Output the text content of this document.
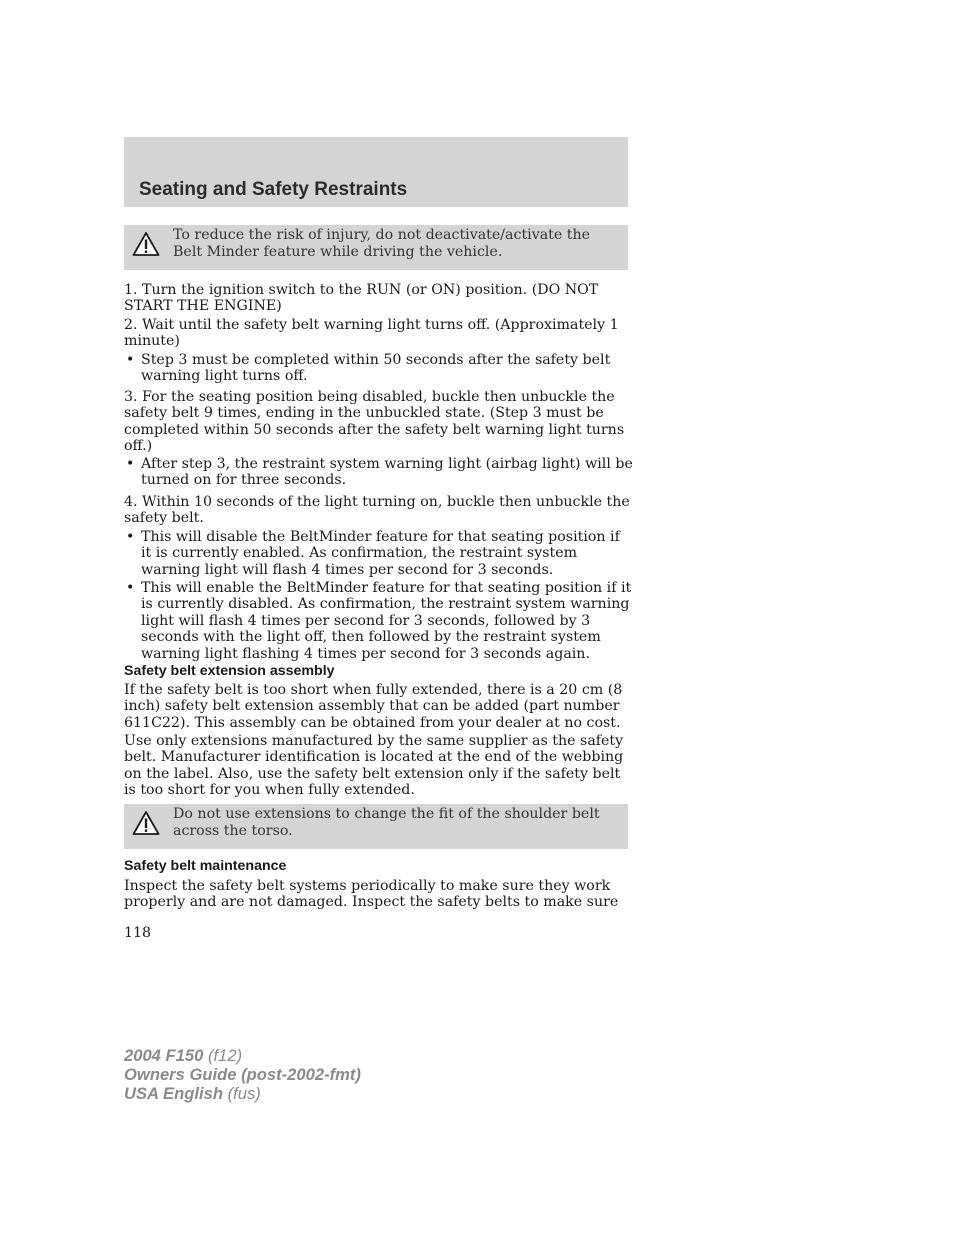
Seating and Safety Restraints
To reduce the risk of injury, do not deactivate/activate the Belt Minder feature while driving the vehicle.

1. Turn the ignition switch to the RUN (or ON) position. (DO NOT START THE ENGINE)

2. Wait until the safety belt warning light turns off. (Approximately 1 minute)

• Step 3 must be completed within 50 seconds after the safety belt warning light turns off.

3. For the seating position being disabled, buckle then unbuckle the safety belt 9 times, ending in the unbuckled state. (Step 3 must be completed within 50 seconds after the safety belt warning light turns off.)

• After step 3, the restraint system warning light (airbag light) will be turned on for three seconds.

4. Within 10 seconds of the light turning on, buckle then unbuckle the safety belt.

• This will disable the BeltMinder feature for that seating position if it is currently enabled. As confirmation, the restraint system warning light will flash 4 times per second for 3 seconds.
• This will enable the BeltMinder feature for that seating position if it is currently disabled. As confirmation, the restraint system warning light will flash 4 times per second for 3 seconds, followed by 3 seconds with the light off, then followed by the restraint system warning light flashing 4 times per second for 3 seconds again.
Safety belt extension assembly

If the safety belt is too short when fully extended, there is a 20 cm (8 inch) safety belt extension assembly that can be added (part number 611C22). This assembly can be obtained from your dealer at no cost.

Use only extensions manufactured by the same supplier as the safety belt. Manufacturer identification is located at the end of the webbing on the label. Also, use the safety belt extension only if the safety belt is too short for you when fully extended.

Do not use extensions to change the fit of the shoulder belt across the torso.
Safety belt maintenance

Inspect the safety belt systems periodically to make sure they work properly and are not damaged. Inspect the safety belts to make sure

118
2004 F150 (f12)
Owners Guide (post-2002-fmt)
USA English (fus)
